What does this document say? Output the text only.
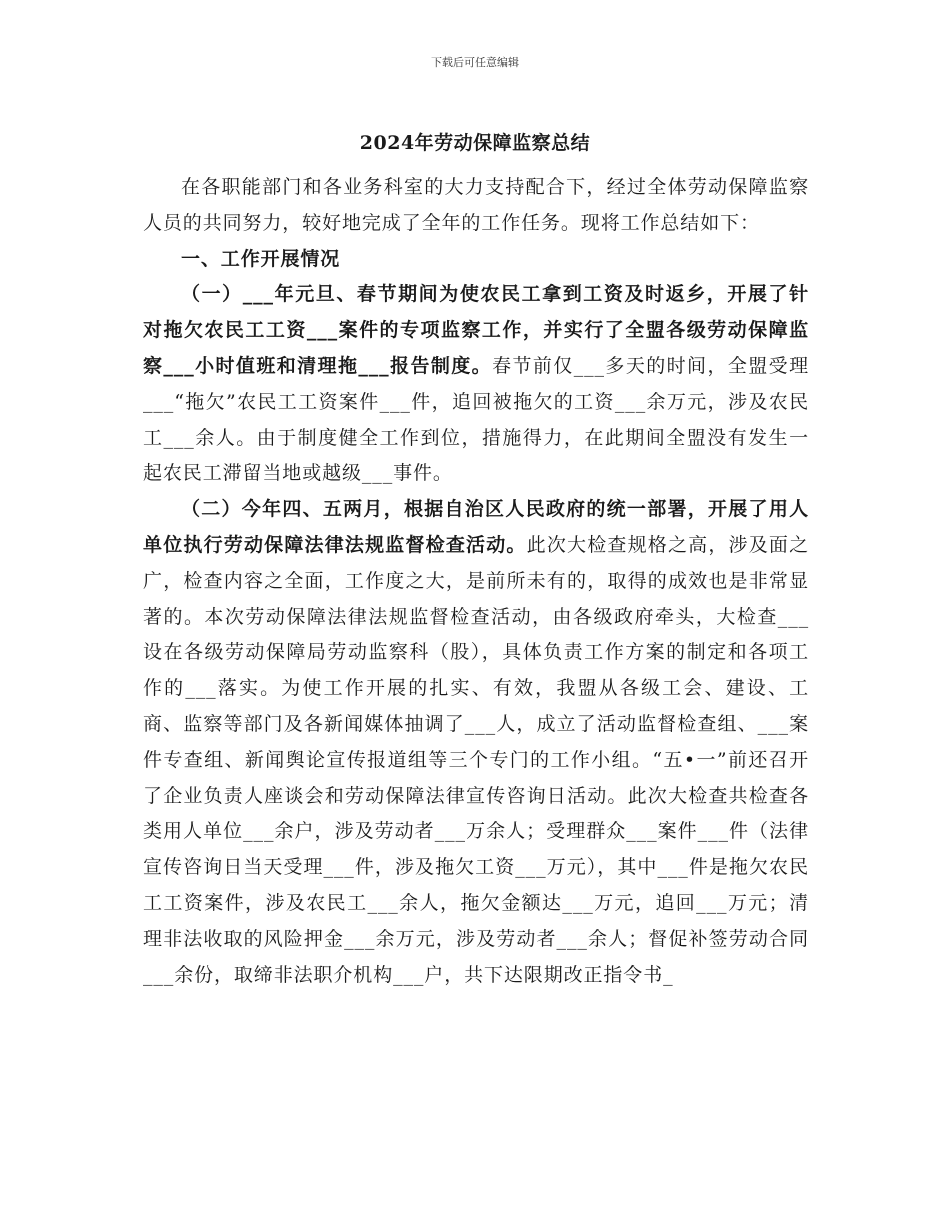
下载后可任意编辑
2024年劳动保障监察总结

在各职能部门和各业务科室的大力支持配合下，经过全体劳动保障监察人员的共同努力，较好地完成了全年的工作任务。现将工作总结如下：

一、工作开展情况

（一）___年元旦、春节期间为使农民工拿到工资及时返乡，开展了针对拖欠农民工工资___案件的专项监察工作，并实行了全盟各级劳动保障监察___小时值班和清理拖___报告制度。春节前仅___多天的时间，全盟受理___“拖欠”农民工工资案件___件，追回被拖欠的工资___余万元，涉及农民工___余人。由于制度健全工作到位，措施得力，在此期间全盟没有发生一起农民工滞留当地或越级___事件。

（二）今年四、五两月，根据自治区人民政府的统一部署，开展了用人单位执行劳动保障法律法规监督检查活动。此次大检查规格之高，涉及面之广，检查内容之全面，工作度之大，是前所未有的，取得的成效也是非常显著的。本次劳动保障法律法规监督检查活动，由各级政府牵头，大检查___设在各级劳动保障局劳动监察科（股），具体负责工作方案的制定和各项工作的___落实。为使工作开展的扎实、有效，我盟从各级工会、建设、工商、监察等部门及各新闻媒体抽调了___人，成立了活动监督检查组、___案件专查组、新闻舆论宣传报道组等三个专门的工作小组。“五•一”前还召开了企业负责人座谈会和劳动保障法律宣传咨询日活动。此次大检查共检查各类用人单位___余户，涉及劳动者___万余人；受理群众___案件___件（法律宣传咨询日当天受理___件，涉及拖欠工资___万元），其中___件是拖欠农民工工资案件，涉及农民工___余人，拖欠金额达___万元，追回___万元；清理非法收取的风险押金___余万元，涉及劳动者___余人；督促补签劳动合同___余份，取缔非法职介机构___户，共下达限期改正指令书_
